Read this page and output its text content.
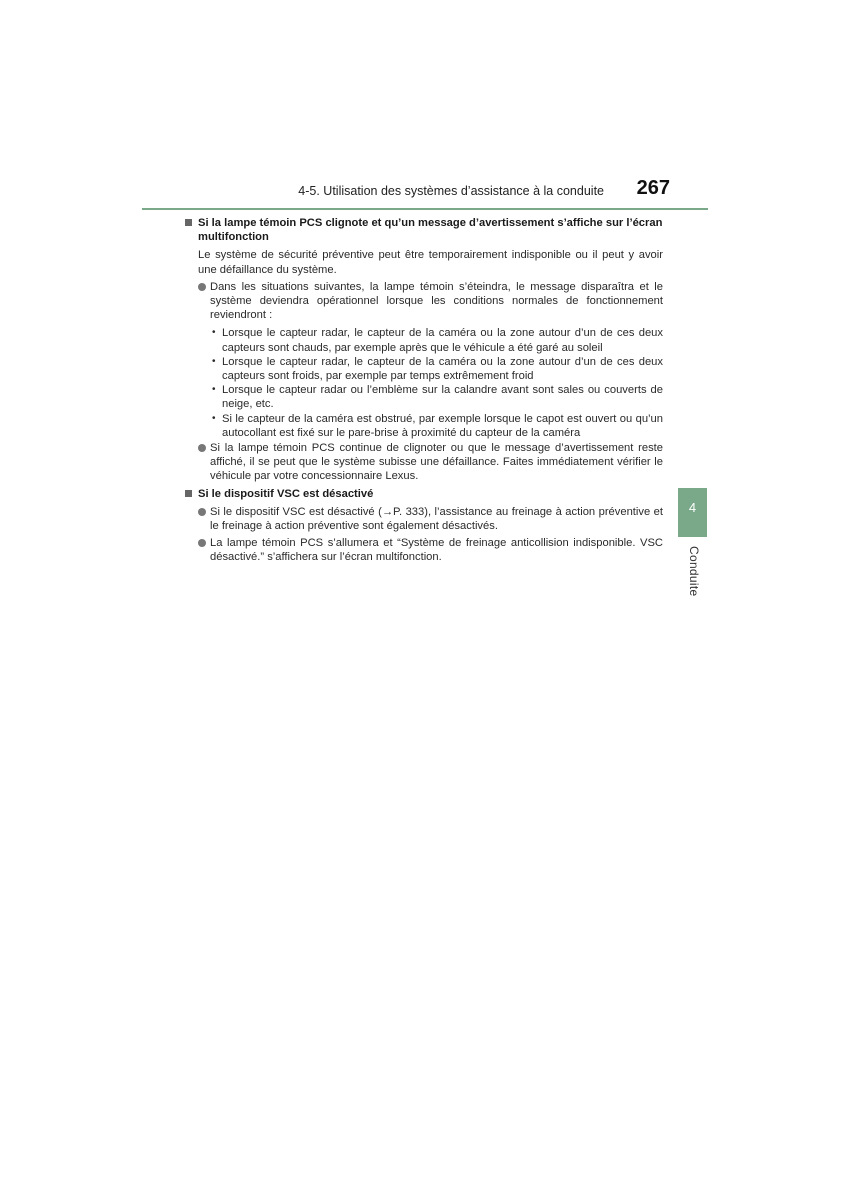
4-5. Utilisation des systèmes d’assistance à la conduite 267
Si la lampe témoin PCS clignote et qu’un message d’avertissement s’affiche sur l’écran multifonction
Le système de sécurité préventive peut être temporairement indisponible ou il peut y avoir une défaillance du système.
Dans les situations suivantes, la lampe témoin s’éteindra, le message disparaîtra et le système deviendra opérationnel lorsque les conditions normales de fonctionnement reviendront :
• Lorsque le capteur radar, le capteur de la caméra ou la zone autour d’un de ces deux capteurs sont chauds, par exemple après que le véhicule a été garé au soleil
• Lorsque le capteur radar, le capteur de la caméra ou la zone autour d’un de ces deux capteurs sont froids, par exemple par temps extrêmement froid
• Lorsque le capteur radar ou l’emblème sur la calandre avant sont sales ou couverts de neige, etc.
• Si le capteur de la caméra est obstrué, par exemple lorsque le capot est ouvert ou qu’un autocollant est fixé sur le pare-brise à proximité du capteur de la caméra
Si la lampe témoin PCS continue de clignoter ou que le message d’avertissement reste affiché, il se peut que le système subisse une défaillance. Faites immédiatement vérifier le véhicule par votre concessionnaire Lexus.
Si le dispositif VSC est désactivé
Si le dispositif VSC est désactivé (→P. 333), l’assistance au freinage à action préventive et le freinage à action préventive sont également désactivés.
La lampe témoin PCS s’allumera et “Système de freinage anticollision indisponible. VSC désactivé.” s’affichera sur l’écran multifonction.
4
Conduite
